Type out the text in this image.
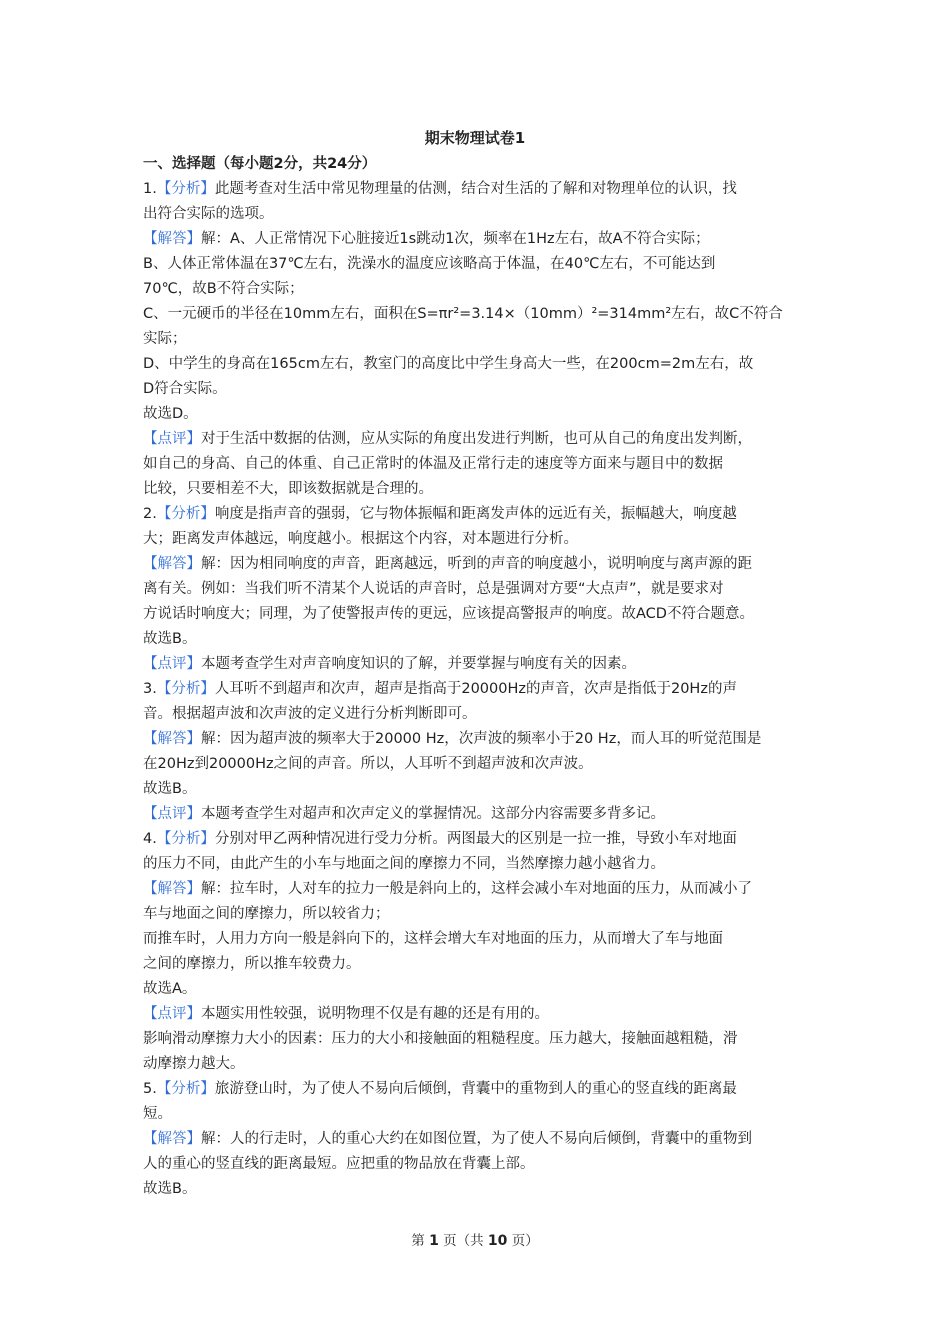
期末物理试卷1
一、选择题（每小题2分，共24分）
1.【分析】此题考查对生活中常见物理量的估测，结合对生活的了解和对物理单位的认识，找
出符合实际的选项。
【解答】解：A、人正常情况下心脏接近1s跳动1次，频率在1Hz左右，故A不符合实际；
B、人体正常体温在37℃左右，洗澡水的温度应该略高于体温，在40℃左右，不可能达到
70℃，故B不符合实际；
C、一元硬币的半径在10mm左右，面积在S=πr²=3.14×（10mm）²=314mm²左右，故C不符合
实际；
D、中学生的身高在165cm左右，教室门的高度比中学生身高大一些，在200cm=2m左右，故
D符合实际。
故选D。
【点评】对于生活中数据的估测，应从实际的角度出发进行判断，也可从自己的角度出发判断，
如自己的身高、自己的体重、自己正常时的体温及正常行走的速度等方面来与题目中的数据
比较，只要相差不大，即该数据就是合理的。
2.【分析】响度是指声音的强弱，它与物体振幅和距离发声体的远近有关，振幅越大，响度越
大；距离发声体越远，响度越小。根据这个内容，对本题进行分析。
【解答】解：因为相同响度的声音，距离越远，听到的声音的响度越小，说明响度与离声源的距
离有关。例如：当我们听不清某个人说话的声音时，总是强调对方要“大点声”，就是要求对
方说话时响度大；同理，为了使警报声传的更远，应该提高警报声的响度。故ACD不符合题意。
故选B。
【点评】本题考查学生对声音响度知识的了解，并要掌握与响度有关的因素。
3.【分析】人耳听不到超声和次声，超声是指高于20000Hz的声音，次声是指低于20Hz的声
音。根据超声波和次声波的定义进行分析判断即可。
【解答】解：因为超声波的频率大于20000 Hz，次声波的频率小于20 Hz，而人耳的听觉范围是
在20Hz到20000Hz之间的声音。所以，人耳听不到超声波和次声波。
故选B。
【点评】本题考查学生对超声和次声定义的掌握情况。这部分内容需要多背多记。
4.【分析】分别对甲乙两种情况进行受力分析。两图最大的区别是一拉一推，导致小车对地面
的压力不同，由此产生的小车与地面之间的摩擦力不同，当然摩擦力越小越省力。
【解答】解：拉车时，人对车的拉力一般是斜向上的，这样会减小车对地面的压力，从而减小了
车与地面之间的摩擦力，所以较省力；
而推车时，人用力方向一般是斜向下的，这样会增大车对地面的压力，从而增大了车与地面
之间的摩擦力，所以推车较费力。
故选A。
【点评】本题实用性较强，说明物理不仅是有趣的还是有用的。
影响滑动摩擦力大小的因素：压力的大小和接触面的粗糙程度。压力越大，接触面越粗糙，滑
动摩擦力越大。
5.【分析】旅游登山时，为了使人不易向后倾倒，背囊中的重物到人的重心的竖直线的距离最
短。
【解答】解：人的行走时，人的重心大约在如图位置，为了使人不易向后倾倒，背囊中的重物到
人的重心的竖直线的距离最短。应把重的物品放在背囊上部。
故选B。
第 1 页（共 10 页）
